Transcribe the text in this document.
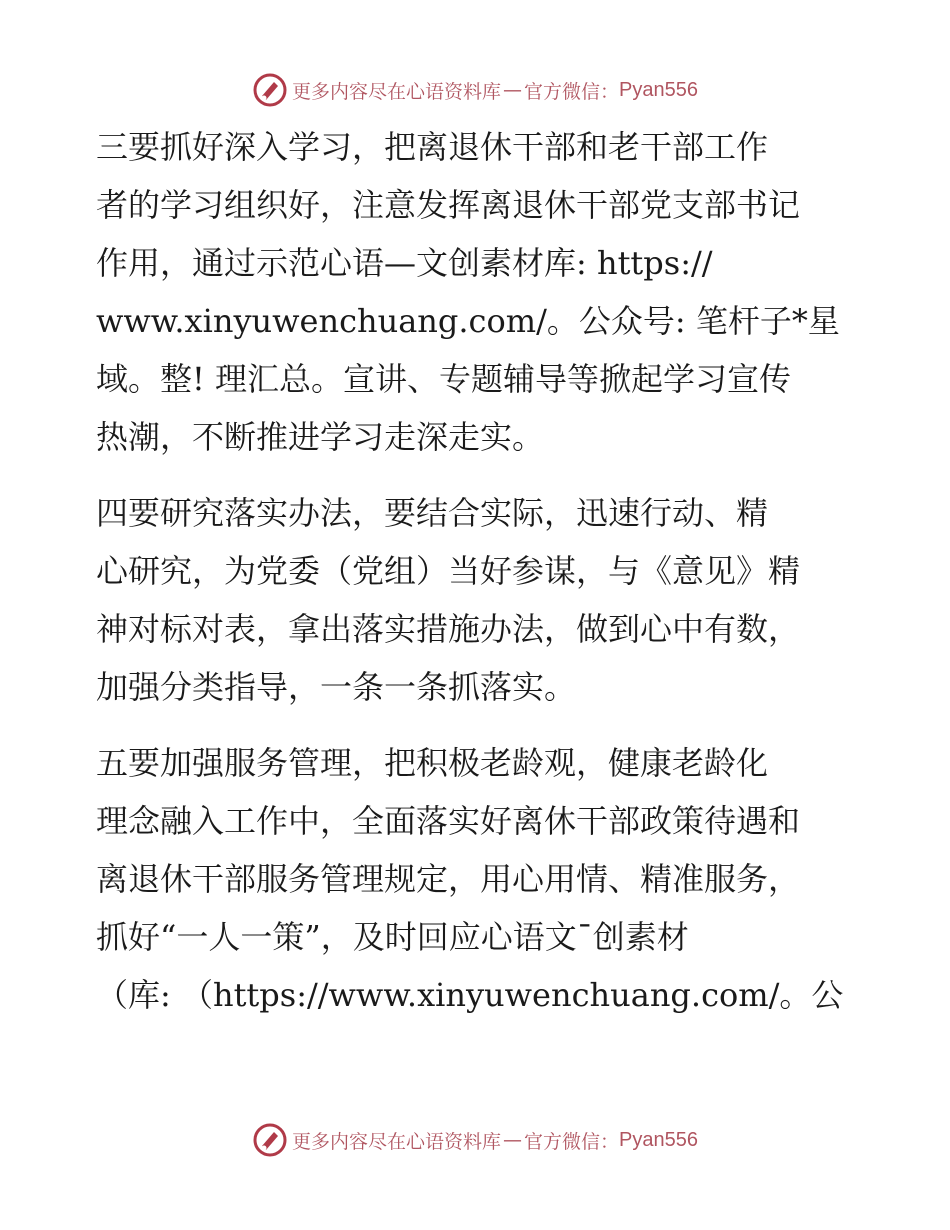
更多内容尽在心语资料库 — 官方微信： Pyan556
三要抓好深入学习，把离退休干部和老干部工作
者的学习组织好，注意发挥离退休干部党支部书记
作用，通过示范心语—文创素材库: https://
www.xinyuwenchuang.com/。公众号: 笔杆子*星
域。整! 理汇总。宣讲、专题辅导等掀起学习宣传
热潮，不断推进学习走深走实。
四要研究落实办法，要结合实际，迅速行动、精
心研究，为党委（党组）当好参谋，与《意见》精
神对标对表，拿出落实措施办法，做到心中有数，
加强分类指导，一条一条抓落实。
五要加强服务管理，把积极老龄观，健康老龄化
理念融入工作中，全面落实好离休干部政策待遇和
离退休干部服务管理规定，用心用情、精准服务，
抓好“一人一策”，及时回应心语文¯创素材
（库: （https://www.xinyuwenchuang.com/。公
更多内容尽在心语资料库 — 官方微信： Pyan556
